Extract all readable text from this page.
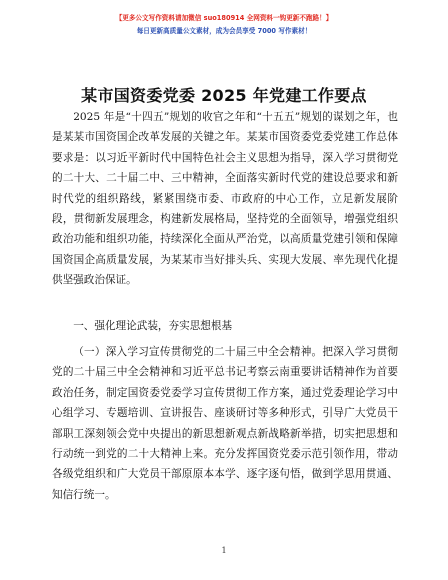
【更多公文写作资料请加微信 suo180914 全网资料一钩更新不跑路！】
每日更新高质量公文素材，成为会员享受 7000 写作素材！
某市国资委党委 2025 年党建工作要点
2025 年是“十四五”规划的收官之年和“十五五”规划的谋划之年，也是某某市国资国企改革发展的关键之年。某某市国资委党委党建工作总体要求是：以习近平新时代中国特色社会主义思想为指导，深入学习贯彻党的二十大、二十届二中、三中精神，全面落实新时代党的建设总要求和新时代党的组织路线，紧紧围绕市委、市政府的中心工作，立足新发展阶段，贯彻新发展理念，构建新发展格局，坚持党的全面领导，增强党组织政治功能和组织功能，持续深化全面从严治党，以高质量党建引领和保障国资国企高质量发展，为某某市当好排头兵、实现大发展、率先现代化提供坚强政治保证。
一、强化理论武装，夯实思想根基
（一）深入学习宣传贯彻党的二十届三中全会精神。把深入学习贯彻党的二十届三中全会精神和习近平总书记考察云南重要讲话精神作为首要政治任务，制定国资委党委学习宣传贯彻工作方案，通过党委理论学习中心组学习、专题培训、宣讲报告、座谈研讨等多种形式，引导广大党员干部职工深刻领会党中央提出的新思想新观点新战略新举措，切实把思想和行动统一到党的二十大精神上来。充分发挥国资党委示范引领作用，带动各级党组织和广大党员干部原原本本学、逐字逐句悟，做到学思用贯通、知信行统一。
1
